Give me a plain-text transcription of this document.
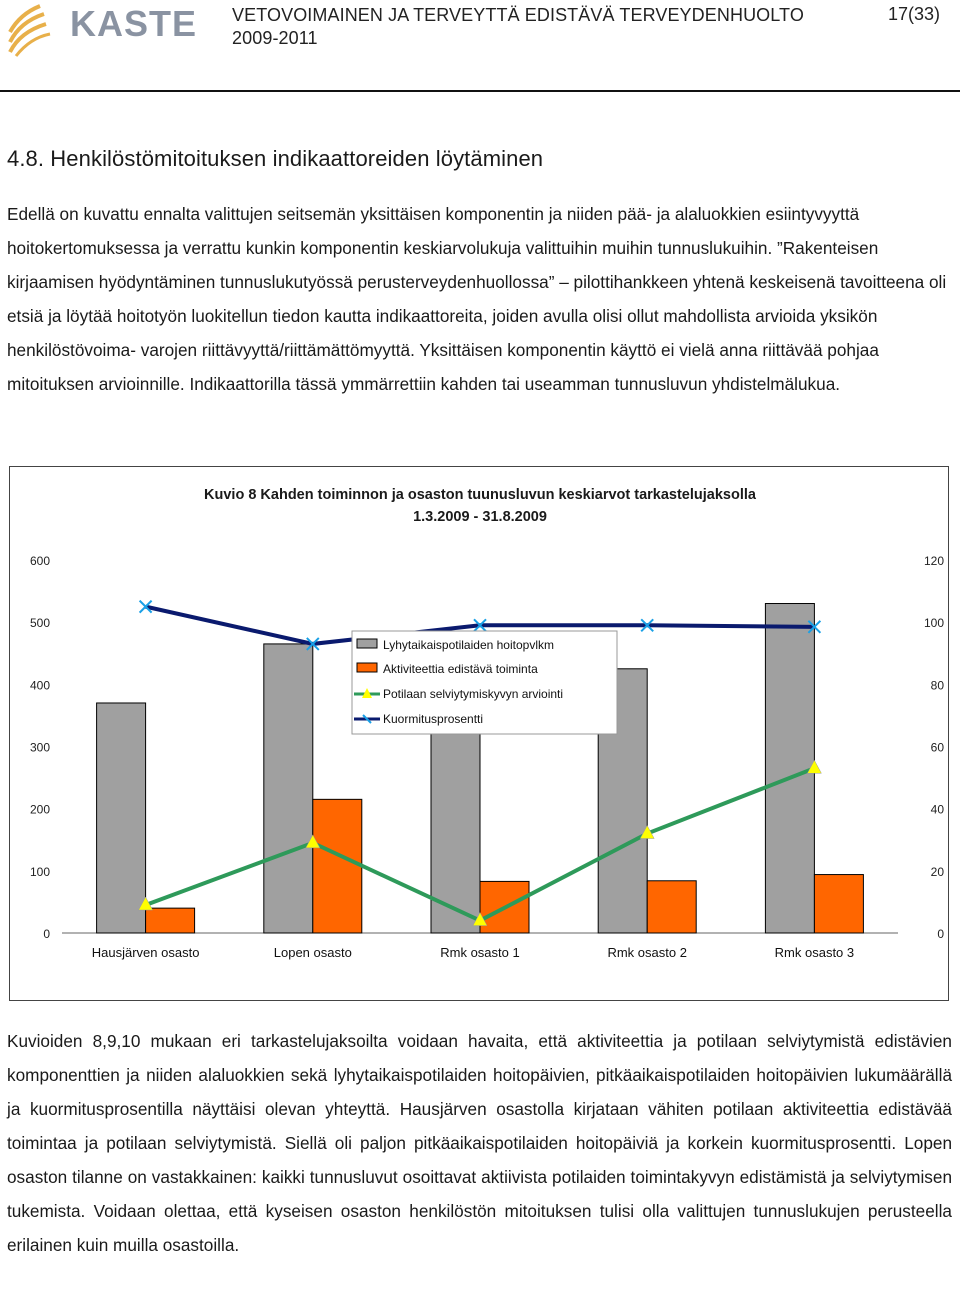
KASTE VETOVOIMAINEN JA TERVEYTTÄ EDISTÄVÄ TERVEYDENHUOLTO
2009-2011
17(33)
4.8. Henkilöstömitoituksen indikaattoreiden löytäminen

Edellä on kuvattu ennalta valittujen seitsemän yksittäisen komponentin ja niiden pää- ja alaluokkien esiintyvyyttä hoitokertomuksessa ja verrattu kunkin komponentin keskiarvolukuja valittuihin muihin tunnuslukuihin. ”Rakenteisen kirjaamisen hyödyntäminen tunnuslukutyössä perusterveydenhuollossa” – pilottihankkeen yhtenä keskeisenä tavoitteena oli etsiä ja löytää hoitotyön luokitellun tiedon kautta indikaattoreita, joiden avulla olisi ollut mahdollista arvioida yksikön henkilöstövoima- varojen riittävyyttä/riittämättömyyttä. Yksittäisen komponentin käyttö ei vielä anna riittävää pohjaa mitoituksen arvioinnille. Indikaattorilla tässä ymmärrettiin kahden tai useamman tunnusluvun yhdistelmälukua.

Kuvio 8 Kahden toiminnon ja osaston tuunusluvun keskiarvot tarkastelujaksolla
1.3.2009 - 31.8.2009
0
100
200
300
400
500
600
0
20
40
60
80
100
120
Hausjärven osasto	Lopen osasto	Rmk osasto 1	Rmk osasto 2	Rmk osasto 3
Lyhytaikaispotilaiden hoitopvlkm
Aktiviteettia edistävä toiminta
Potilaan selviytymiskyvyn arviointi
Kuormitusprosentti

Kuvioiden 8,9,10 mukaan eri tarkastelujaksoilta voidaan havaita, että aktiviteettia ja potilaan selviytymistä edistävien komponenttien ja niiden alaluokkien sekä lyhytaikaispotilaiden hoitopäivien, pitkäaikaispotilaiden hoitopäivien lukumäärällä ja kuormitusprosentilla näyttäisi olevan yhteyttä. Hausjärven osastolla kirjataan vähiten potilaan aktiviteettia edistävää toimintaa ja potilaan selviytymistä. Siellä oli paljon pitkäaikaispotilaiden hoitopäiviä ja korkein kuormitusprosentti. Lopen osaston tilanne on vastakkainen: kaikki tunnusluvut osoittavat aktiivista potilaiden toimintakyvyn edistämistä ja selviytymisen tukemista. Voidaan olettaa, että kyseisen osaston henkilöstön mitoituksen tulisi olla valittujen tunnuslukujen perusteella erilainen kuin muilla osastoilla.
